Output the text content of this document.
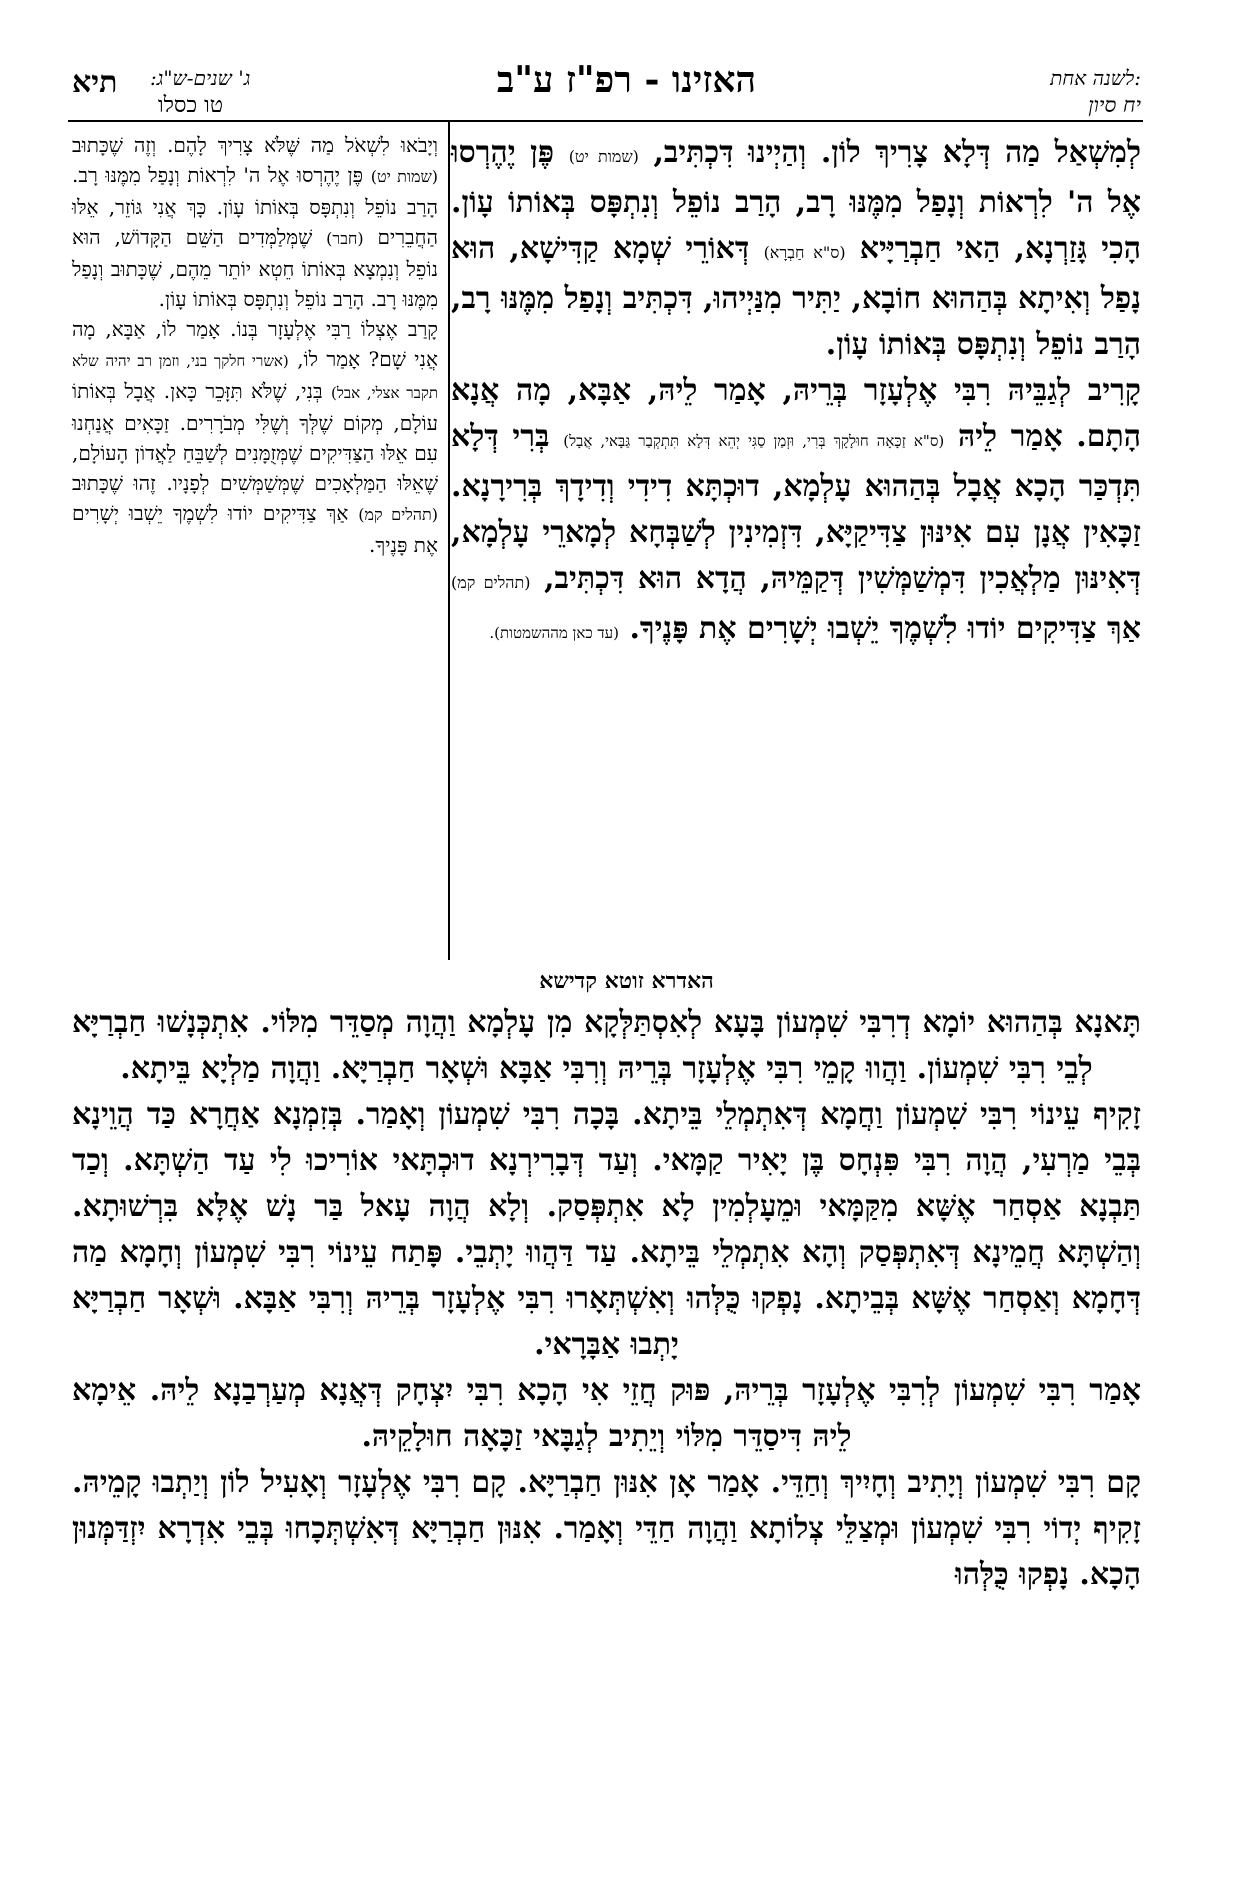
לשנה אחת:
יח סיון
האזינו - רפ"ז ע"ב
ג' שנים-ש"ג:
טו כסלו
תיא

לְמִשְׁאַל מַה דְּלָא צָרִיךְ לוֹן. וְהַיְינוּ דִּכְתִּיב, (שמות יט) פֶּן יֶהֶרְסוּ אֶל ה' לִרְאוֹת וְנָפַל מִמֶּנּוּ רָב, הָרַב נוֹפֵל וְנִתְפָּס בְּאוֹתוֹ עָוֹן. הָכִי גָּזַרְנָא, הַאי חַבְרַיָּיא (ס"א חַבְרָא) דְּאוֹרֵי שְׁמָא קַדִּישָׁא, הוּא נָפַל וְאִיתָא בְּהַהוּא חוֹבָא, יַתִּיר מִנַּיְיהוּ, דִּכְתִּיב וְנָפַל מִמֶּנּוּ רָב, הָרַב נוֹפֵל וְנִתְפָּס בְּאוֹתוֹ עָוֹן.

קָרִיב לְגַבֵּיהּ רִבִּי אֶלְעָזָר בְּרֵיהּ, אָמַר לֵיהּ, אַבָּא, מָה אֲנָא הָתָם. אָמַר לֵיהּ (ס"א זַכָּאָה חוּלָקָךְ בְּרִי, וּזְמַן סַגִּי יְהֵא דְּלָא תִּתְקְבַר גַּבָּאי, אֲבָל) בְּרִי דְּלָא תִּדְכַּר הָכָא אֲבָל בְּהַהוּא עָלְמָא, דוּכְתָּא דִידִי וְדִידָךְ בְּרִירָנָא. זַכָּאִין אֲנָן עִם אִינּוּן צַדִּיקַיָּא, דִּזְמִינִין לְשַׁבְּחָא לְמָארֵי עָלְמָא, דְּאִינּוּן מַלְאֲכִין דִּמְשַׁמְּשִׁין דְּקַמֵּיהּ, הֲדָא הוּא דִּכְתִּיב, (תהלים קמ) אַךְ צַדִּיקִים יוֹדוּ לִשְׁמֶךָ יֵשְׁבוּ יְשָׁרִים אֶת פָּנֶיךָ. (עד כאן מההשמטות).

וְיָבֹאוּ לִשְׁאֹל מַה שֶּׁלֹּא צָרִיךְ לָהֶם. וְזֶה שֶׁכָּתוּב (שמות יט) פֶּן יֶהֶרְסוּ אֶל ה' לִרְאוֹת וְנָפַל מִמֶּנּוּ רָב. הָרַב נוֹפֵל וְנִתְפָּס בְּאוֹתוֹ עָוֹן. כָּךְ אֲנִי גּוֹזֵר, אֵלּוּ הַחֲבֵרִים (חבר) שֶׁמְּלַמְּדִים הַשֵּׁם הַקָּדוֹשׁ, הוּא נוֹפֵל וְנִמְצָא בְּאוֹתוֹ חֵטְא יוֹתֵר מֵהֶם, שֶׁכָּתוּב וְנָפַל מִמֶּנּוּ רָב. הָרַב נוֹפֵל וְנִתְפָּס בְּאוֹתוֹ עָוֹן.

קָרַב אֶצְלוֹ רַבִּי אֶלְעָזָר בְּנוֹ. אָמַר לוֹ, אַבָּא, מָה אֲנִי שָׁם? אָמַר לוֹ, (אשרי חלקך בני, וזמן רב יהיה שלא תקבר אצלי, אבל) בְּנִי, שֶׁלֹּא תִּזָּכֵר כָּאן. אֲבָל בְּאוֹתוֹ עוֹלָם, מְקוֹם שֶׁלְּךָ וְשֶׁלִּי מְבֹרָרִים. זַכָּאִים אֲנַחְנוּ עִם אֵלּוּ הַצַּדִּיקִים שֶׁמְּזֻמָּנִים לְשַׁבֵּחַ לַאֲדוֹן הָעוֹלָם, שֶׁאֵלּוּ הַמַּלְאָכִים שֶׁמְּשַׁמְּשִׁים לְפָנָיו. זֶהוּ שֶׁכָּתוּב (תהלים קמ) אַךְ צַדִּיקִים יוֹדוּ לִשְׁמֶךָ יֵשְׁבוּ יְשָׁרִים אֶת פָּנֶיךָ.

האדרא זוטא קדישא

תָּאנָא בְּהַהוּא יוֹמָא דְרִבִּי שִׁמְעוֹן בָּעָא לְאִסְתַּלְּקָא מִן עָלְמָא וַהֲוָה מְסַדֵּר מִלּוֹי. אִתְכְּנָשׁוּ חַבְרַיָּא לְבֵי רִבִּי שִׁמְעוֹן. וַהֲווּ קָמֵי רִבִּי אֶלְעָזָר בְּרֵיהּ וְרִבִּי אַבָּא וּשְׁאָר חַבְרַיָּא. וַהֲוָה מַלְיָא בֵּיתָא.

זָקִיף עֵינוֹי רִבִּי שִׁמְעוֹן וַחֲמָא דְּאִתְמְלֵי בֵּיתָא. בָּכָה רִבִּי שִׁמְעוֹן וְאָמַר. בְּזִמְנָא אַחֲרָא כַּד הֲוֵינָא בְּבֵי מַרְעִי, הֲוָה רִבִּי פִּנְחָס בֶּן יָאִיר קַמָּאי. וְעַד דְּבָרִירְנָא דוּכְתָּאי אוֹרִיכוּ לִי עַד הַשְׁתָּא. וְכַד תַּבְנָא אַסְחַר אֶשָּׁא מִקַּמָּאי וּמֵעָלְמִין לָא אִתְפְּסַק. וְלָא הֲוָה עָאל בַּר נָשׁ אֶלָּא בִּרְשׁוּתָא. וְהַשְׁתָּא חֲמֵינָא דְּאִתְפְּסַק וְהָא אִתְמְלֵי בֵּיתָא. עַד דַּהֲווּ יָתְבֵי. פָּתַח עֵינוֹי רִבִּי שִׁמְעוֹן וְחָמָא מַה דְּחָמָא וְאַסְחַר אֶשָּׁא בְּבֵיתָא. נָפְקוּ כֻּלְּהוּ וְאִשְׁתְּאָרוּ רִבִּי אֶלְעָזָר בְּרֵיהּ וְרִבִּי אַבָּא. וּשְׁאָר חַבְרַיָּא יָתְבוּ אַבָּרָאי.

אָמַר רִבִּי שִׁמְעוֹן לְרִבִּי אֶלְעָזָר בְּרֵיהּ, פּוּק חֲזֵי אִי הָכָא רִבִּי יִצְחָק דְּאֲנָא מְעַרְבַנָא לֵיהּ. אֵימָא לֵיהּ דִּיסַדֵּר מִלּוֹי וְיֵתִיב לְגַבָּאי זַכָּאָה חוּלָקֵיהּ.

קָם רִבִּי שִׁמְעוֹן וְיָתִיב וְחָיִיךְ וְחַדֵּי. אָמַר אָן אִנּוּן חַבְרַיָּא. קָם רִבִּי אֶלְעָזָר וְאָעִיל לוֹן וְיַתְבוּ קָמֵיהּ. זָקִיף יְדוֹי רִבִּי שִׁמְעוֹן וּמְצַלֵּי צְלוֹתָא וַהֲוָה חַדֵּי וְאָמַר. אִנּוּן חַבְרַיָּא דְּאִשְׁתְּכָחוּ בְּבֵי אִדְרָא יִזְדַּמְּנוּן הָכָא. נָפְקוּ כֻּלְּהוּ
